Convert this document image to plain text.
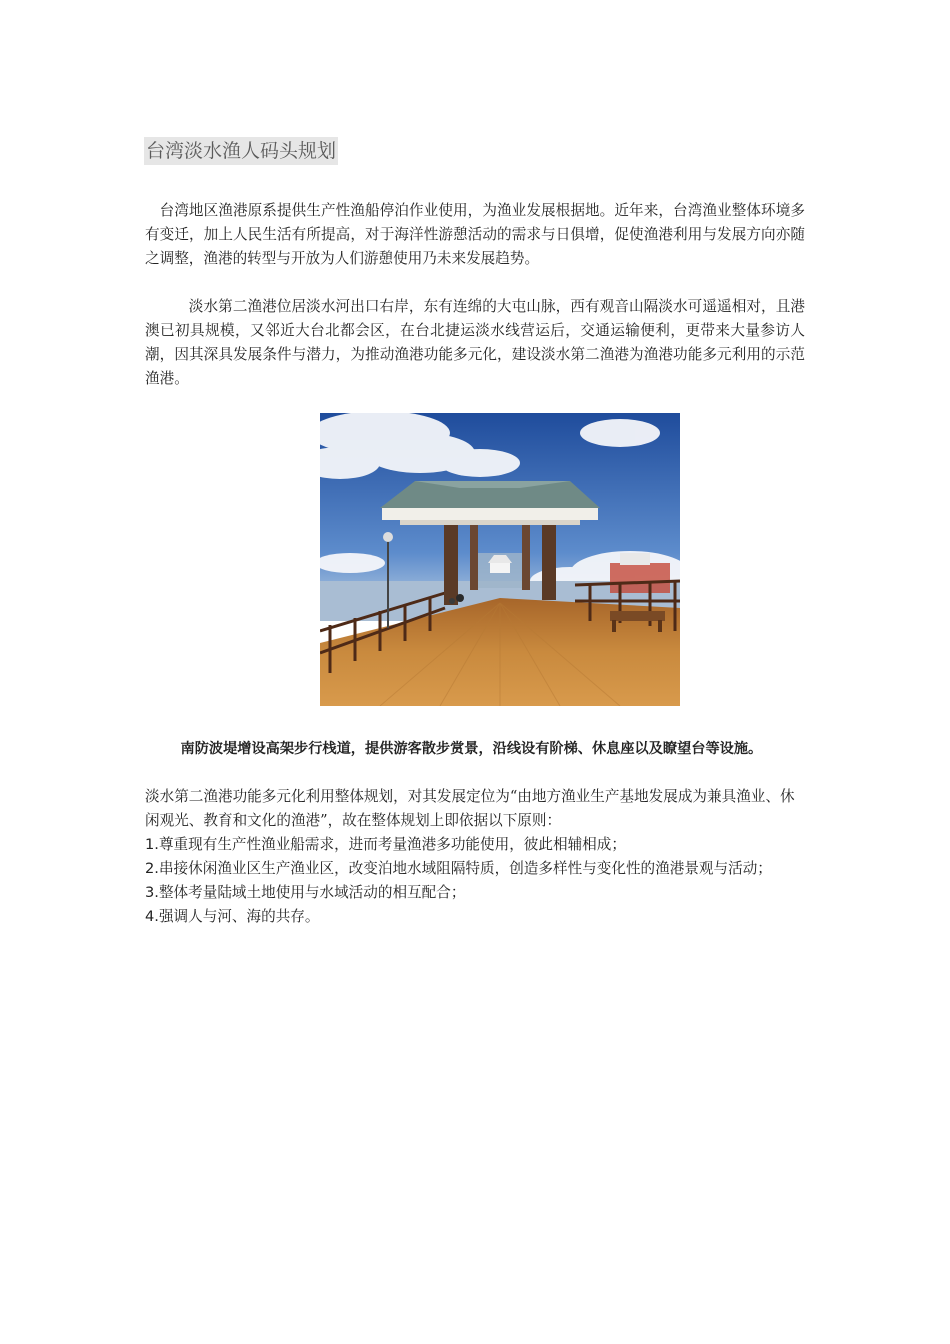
台湾淡水渔人码头规划

台湾地区渔港原系提供生产性渔船停泊作业使用，为渔业发展根据地。近年来，台湾渔业整体环境多有变迁，加上人民生活有所提高，对于海洋性游憩活动的需求与日俱增，促使渔港利用与发展方向亦随之调整，渔港的转型与开放为人们游憩使用乃未来发展趋势。

淡水第二渔港位居淡水河出口右岸，东有连绵的大屯山脉，西有观音山隔淡水可遥遥相对，且港澳已初具规模，又邻近大台北都会区，在台北捷运淡水线营运后，交通运输便利，更带来大量参访人潮，因其深具发展条件与潜力，为推动渔港功能多元化，建设淡水第二渔港为渔港功能多元利用的示范渔港。

南防波堤增设高架步行栈道，提供游客散步赏景，沿线设有阶梯、休息座以及瞭望台等设施。

淡水第二渔港功能多元化利用整体规划，对其发展定位为“由地方渔业生产基地发展成为兼具渔业、休闲观光、教育和文化的渔港”，故在整体规划上即依据以下原则：
1.尊重现有生产性渔业船需求，进而考量渔港多功能使用，彼此相辅相成；
2.串接休闲渔业区生产渔业区，改变泊地水域阻隔特质，创造多样性与变化性的渔港景观与活动；
3.整体考量陆域土地使用与水域活动的相互配合；
4.强调人与河、海的共存。
